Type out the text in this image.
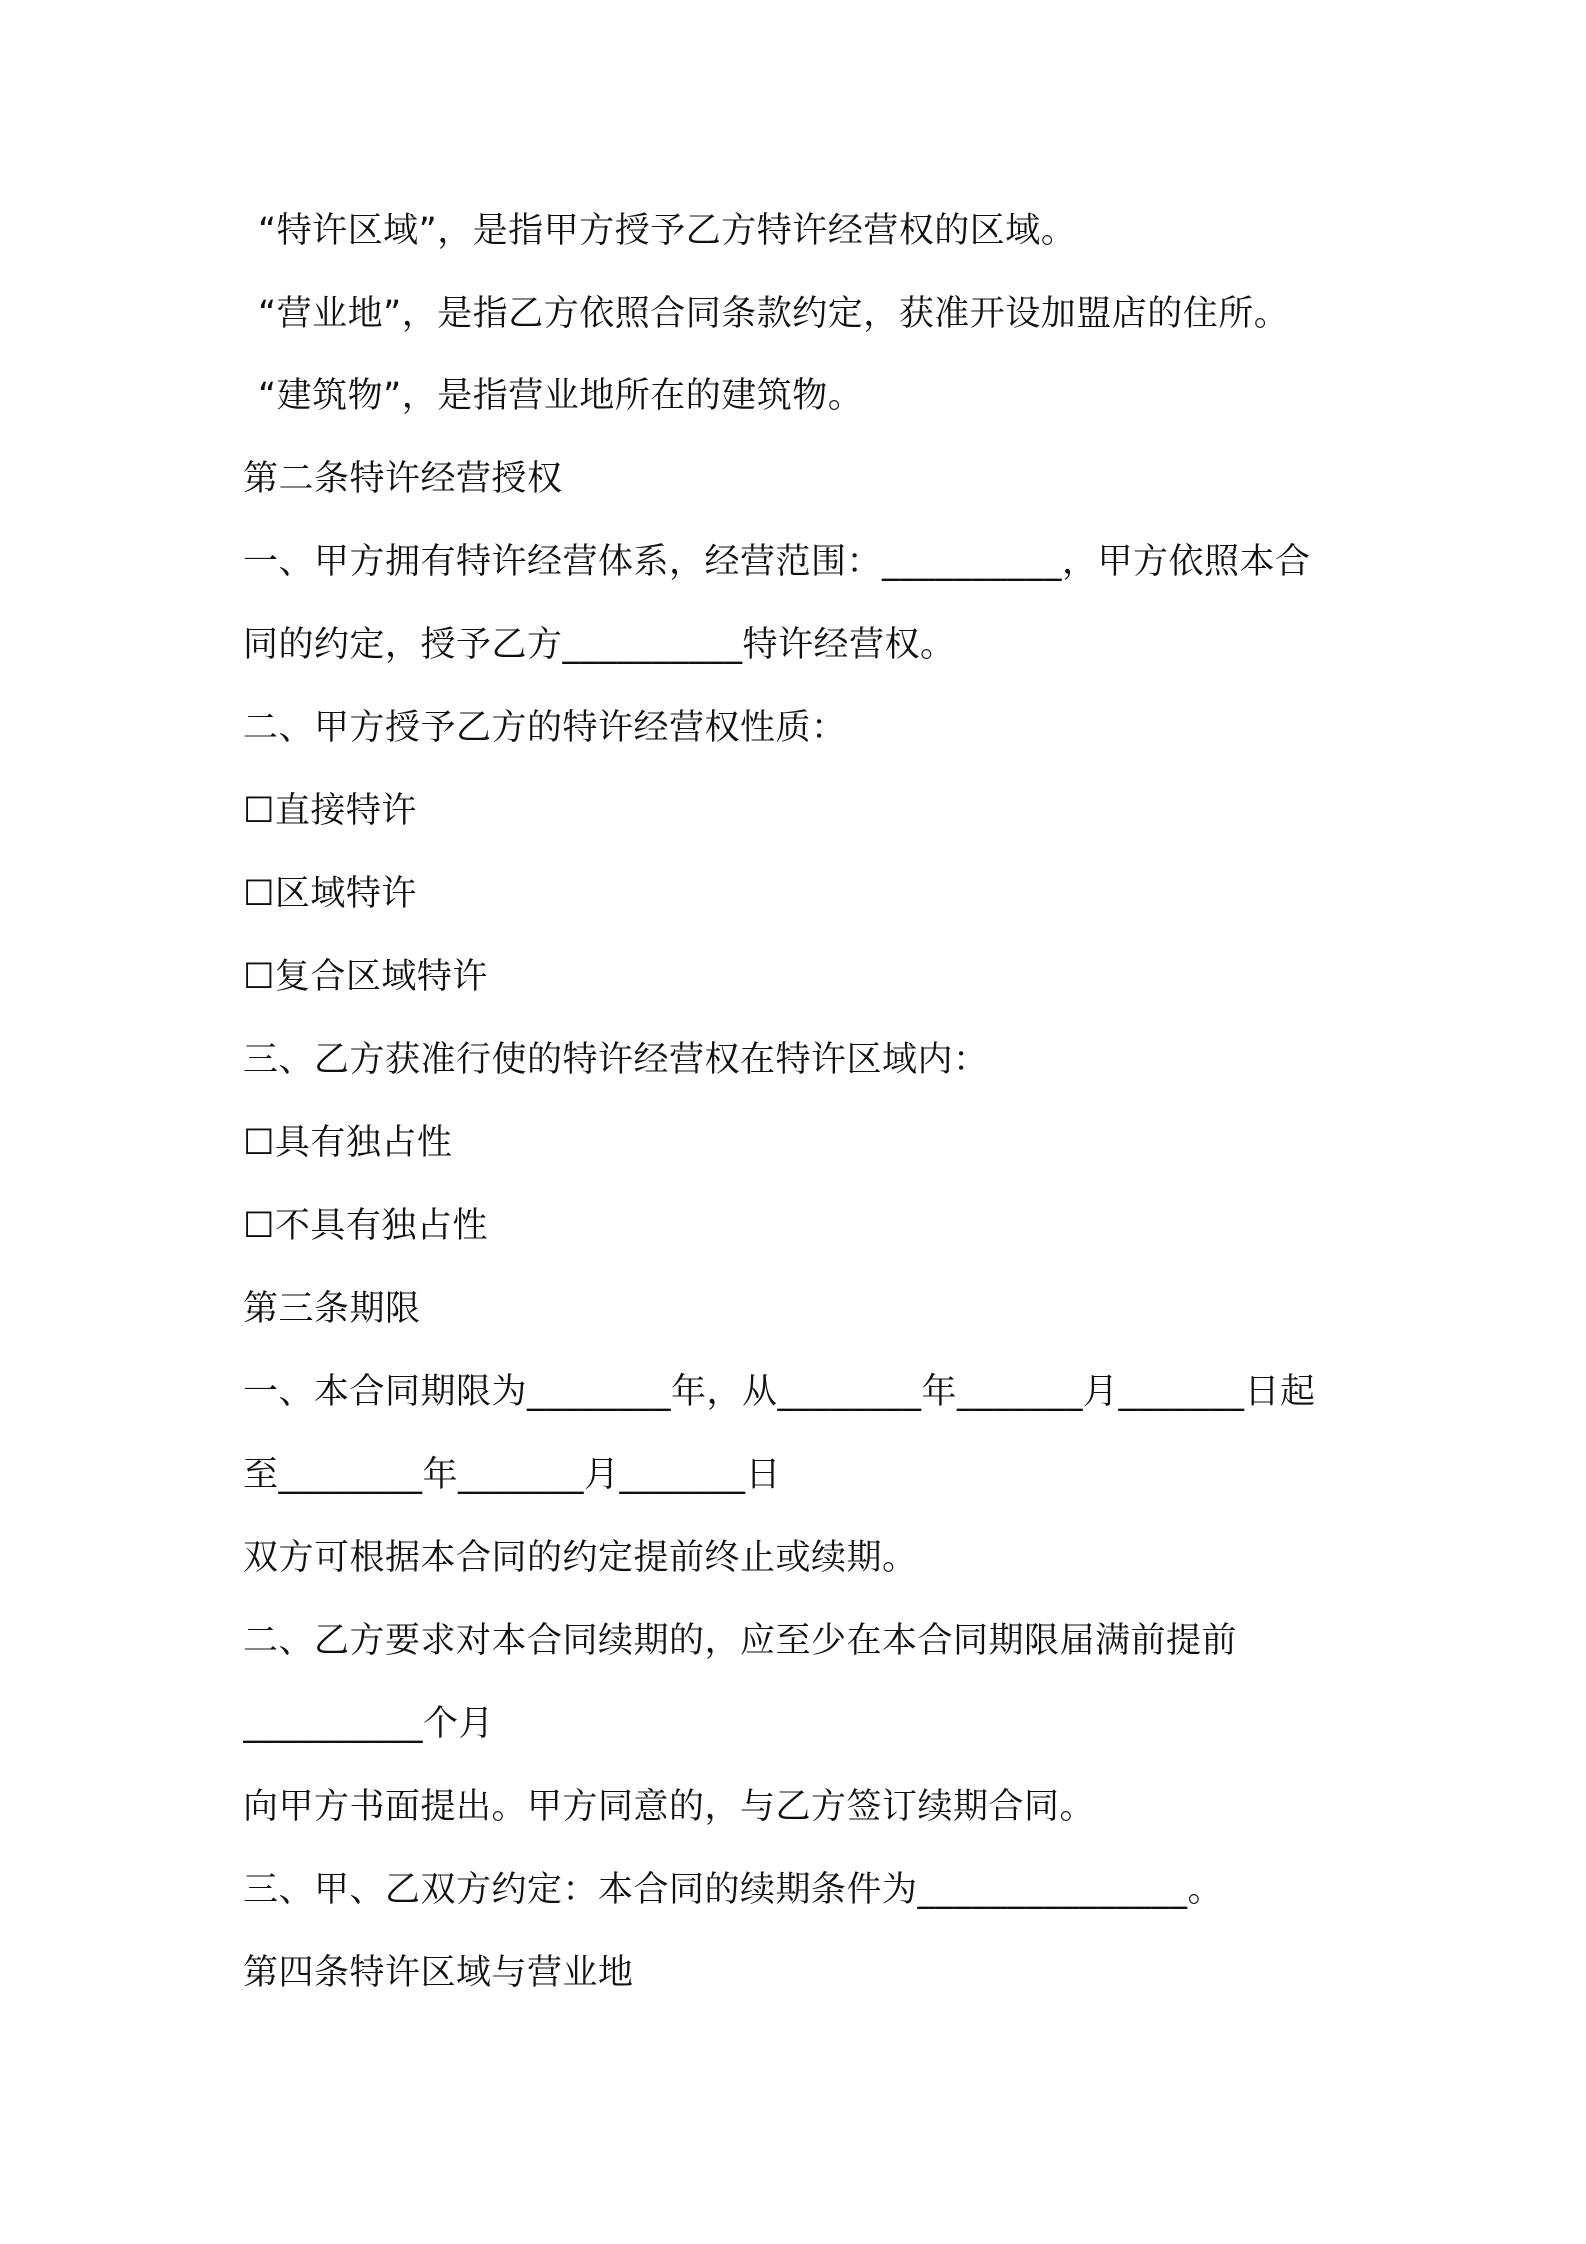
“特许区域”，是指甲方授予乙方特许经营权的区域。
“营业地”，是指乙方依照合同条款约定，获准开设加盟店的住所。
“建筑物”，是指营业地所在的建筑物。
第二条特许经营授权
一、甲方拥有特许经营体系，经营范围：__________，甲方依照本合
同的约定，授予乙方__________特许经营权。
二、甲方授予乙方的特许经营权性质：
☐直接特许
☐区域特许
☐复合区域特许
三、乙方获准行使的特许经营权在特许区域内：
☐具有独占性
☐不具有独占性
第三条期限
一、本合同期限为________年，从________年_______月_______日起
至________年_______月_______日
双方可根据本合同的约定提前终止或续期。
二、乙方要求对本合同续期的，应至少在本合同期限届满前提前
__________个月
向甲方书面提出。甲方同意的，与乙方签订续期合同。
三、甲、乙双方约定：本合同的续期条件为_______________。
第四条特许区域与营业地
